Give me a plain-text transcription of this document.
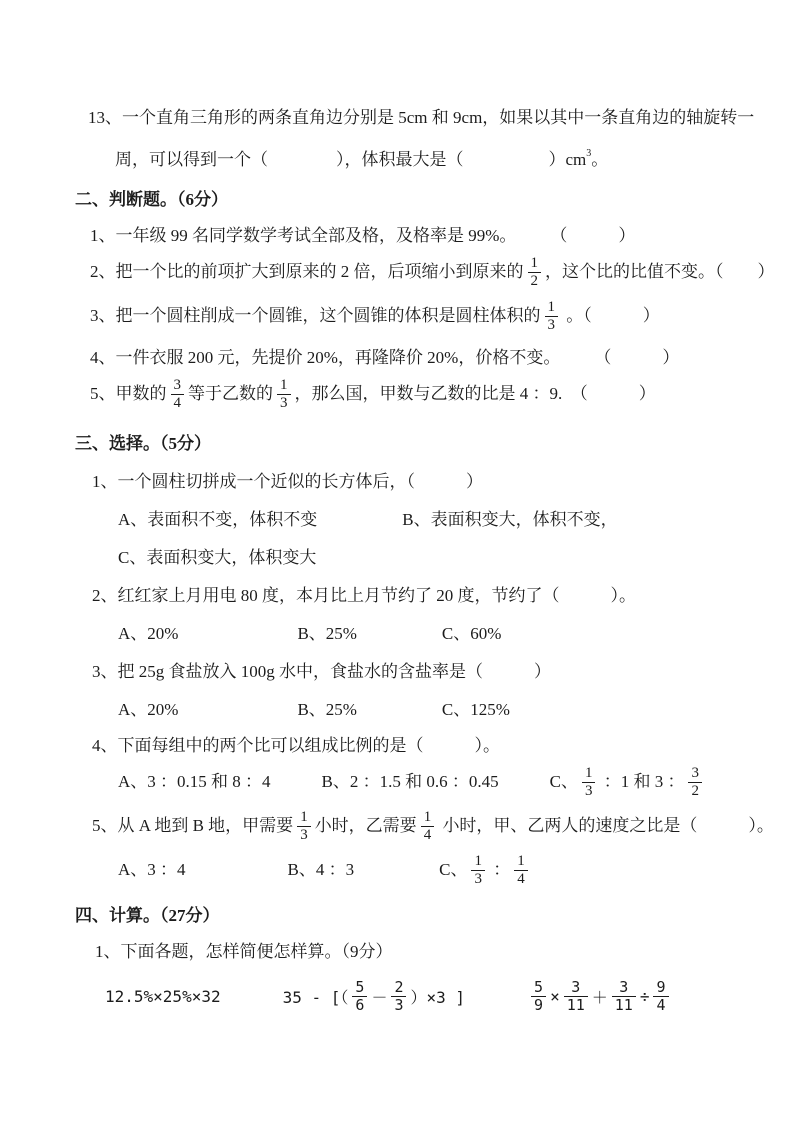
13、一个直角三角形的两条直角边分别是 5cm 和 9cm，如果以其中一条直角边的轴旋转一
周，可以得到一个（　　　　），体积最大是（　　　　　）$cm^3$ 。
二、判断题。（6分）
1、一年级 99 名同学数学考试全部及格，及格率是 99%。　　　（　　　）
2、把一个比的前项扩大到原来的 2 倍，后项缩小到原来的 $\frac{1}{2}$ ，这个比的比值不变。（　　）
3、把一个圆柱削成一个圆锥，这个圆锥的体积是圆柱体积的 $\frac{1}{3}$ 。（　　　）
4、一件衣服 200 元，先提价 20%，再隆降价 20%，价格不变。　　　（　　　）
5、甲数的 $\frac{3}{4}$ 等于乙数的 $\frac{1}{3}$ ，那么国，甲数与乙数的比是 4 ：9.　（　　　）
三、选择。（5分）
1、一个圆柱切拼成一个近似的长方体后，（　　　）
A、表面积不变，体积不变　　　　　B、表面积变大，体积不变，
C、表面积变大，体积变大
2、红红家上月用电 80 度，本月比上月节约了 20 度，节约了（　　　）。
A、20%　　　　　　　B、25%　　　　　C、60%
3、把 25g 食盐放入 100g 水中，食盐水的含盐率是（　　　）
A、20%　　　　　　　B、25%　　　　　C、125%
4、下面每组中的两个比可以组成比例的是（　　　）。
A、3 ：0.15 和 8 ：4　　　B、2 ：1.5 和 0.6 ：0.45　　　C、 $\frac{1}{3}$ ：1 和 3 ： $\frac{3}{2}$
5、从 A 地到 B 地，甲需要 $\frac{1}{3}$ 小时，乙需要 $\frac{1}{4}$ 小时，甲、乙两人的速度之比是（　　　）。
A、3 ：4　　　　　　B、4 ：3　　　　　C、 $\frac{1}{3}$ ： $\frac{1}{4}$
四、计算。（27分）
1、下面各题，怎样简便怎样算。（9分）
12.5%×25%×32	35 - [（ $\frac{5}{6} - \frac{2}{3} )\times 3$ ]	$\frac{5}{9} \times \frac{3}{11} + \frac{3}{11} \div \frac{9}{4}$
